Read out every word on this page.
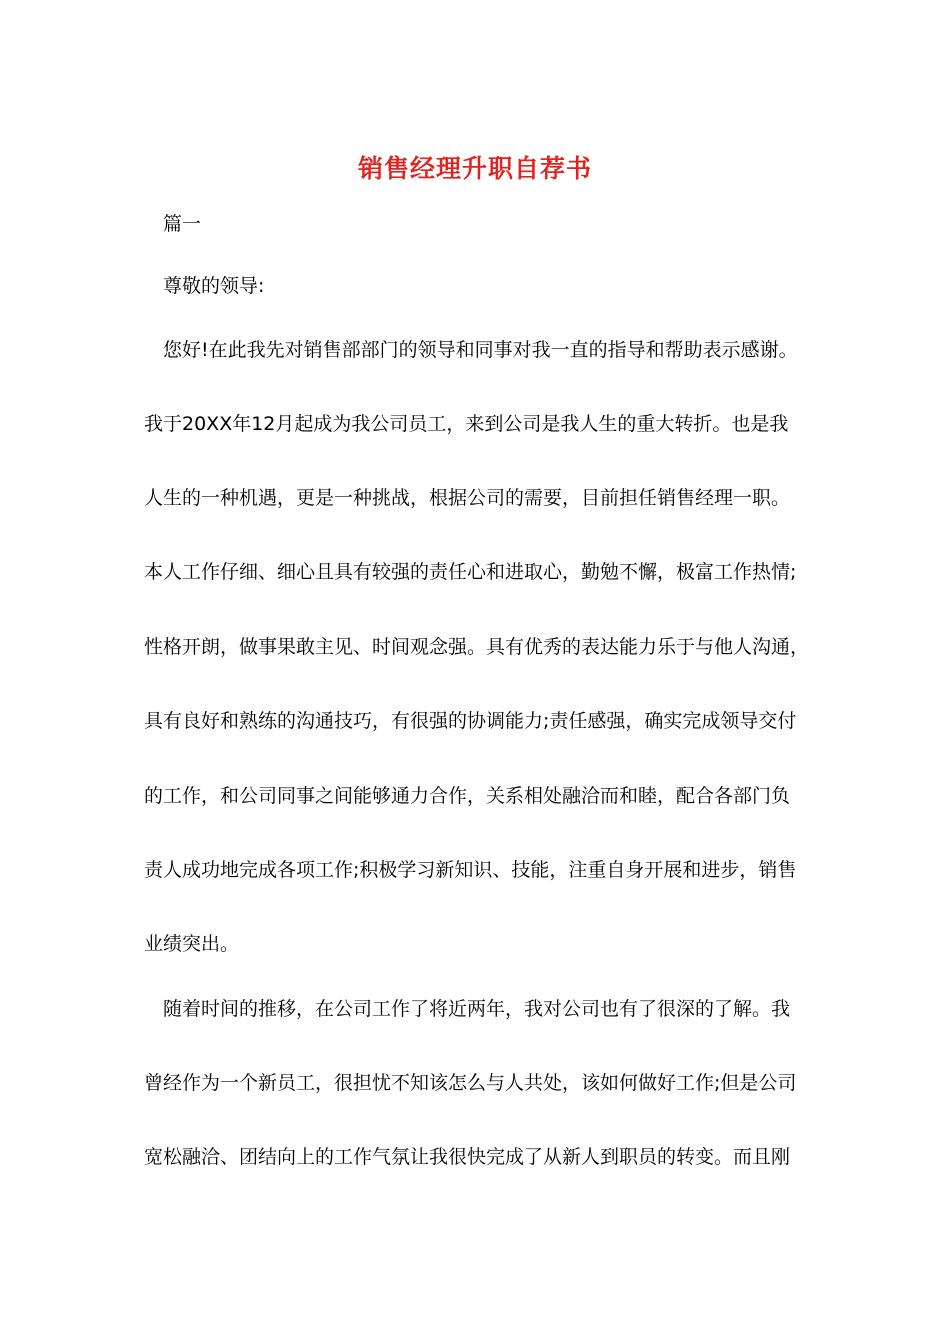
销售经理升职自荐书
篇一
尊敬的领导:
您好!在此我先对销售部部门的领导和同事对我一直的指导和帮助表示感谢。
我于20XX年12月起成为我公司员工，来到公司是我人生的重大转折。也是我
人生的一种机遇，更是一种挑战，根据公司的需要，目前担任销售经理一职。
本人工作仔细、细心且具有较强的责任心和进取心，勤勉不懈，极富工作热情;
性格开朗，做事果敢主见、时间观念强。具有优秀的表达能力乐于与他人沟通，
具有良好和熟练的沟通技巧，有很强的协调能力;责任感强，确实完成领导交付
的工作，和公司同事之间能够通力合作，关系相处融洽而和睦，配合各部门负
责人成功地完成各项工作;积极学习新知识、技能，注重自身开展和进步，销售
业绩突出。
随着时间的推移，在公司工作了将近两年，我对公司也有了很深的了解。我
曾经作为一个新员工，很担忧不知该怎么与人共处，该如何做好工作;但是公司
宽松融洽、团结向上的工作气氛让我很快完成了从新人到职员的转变。而且刚
